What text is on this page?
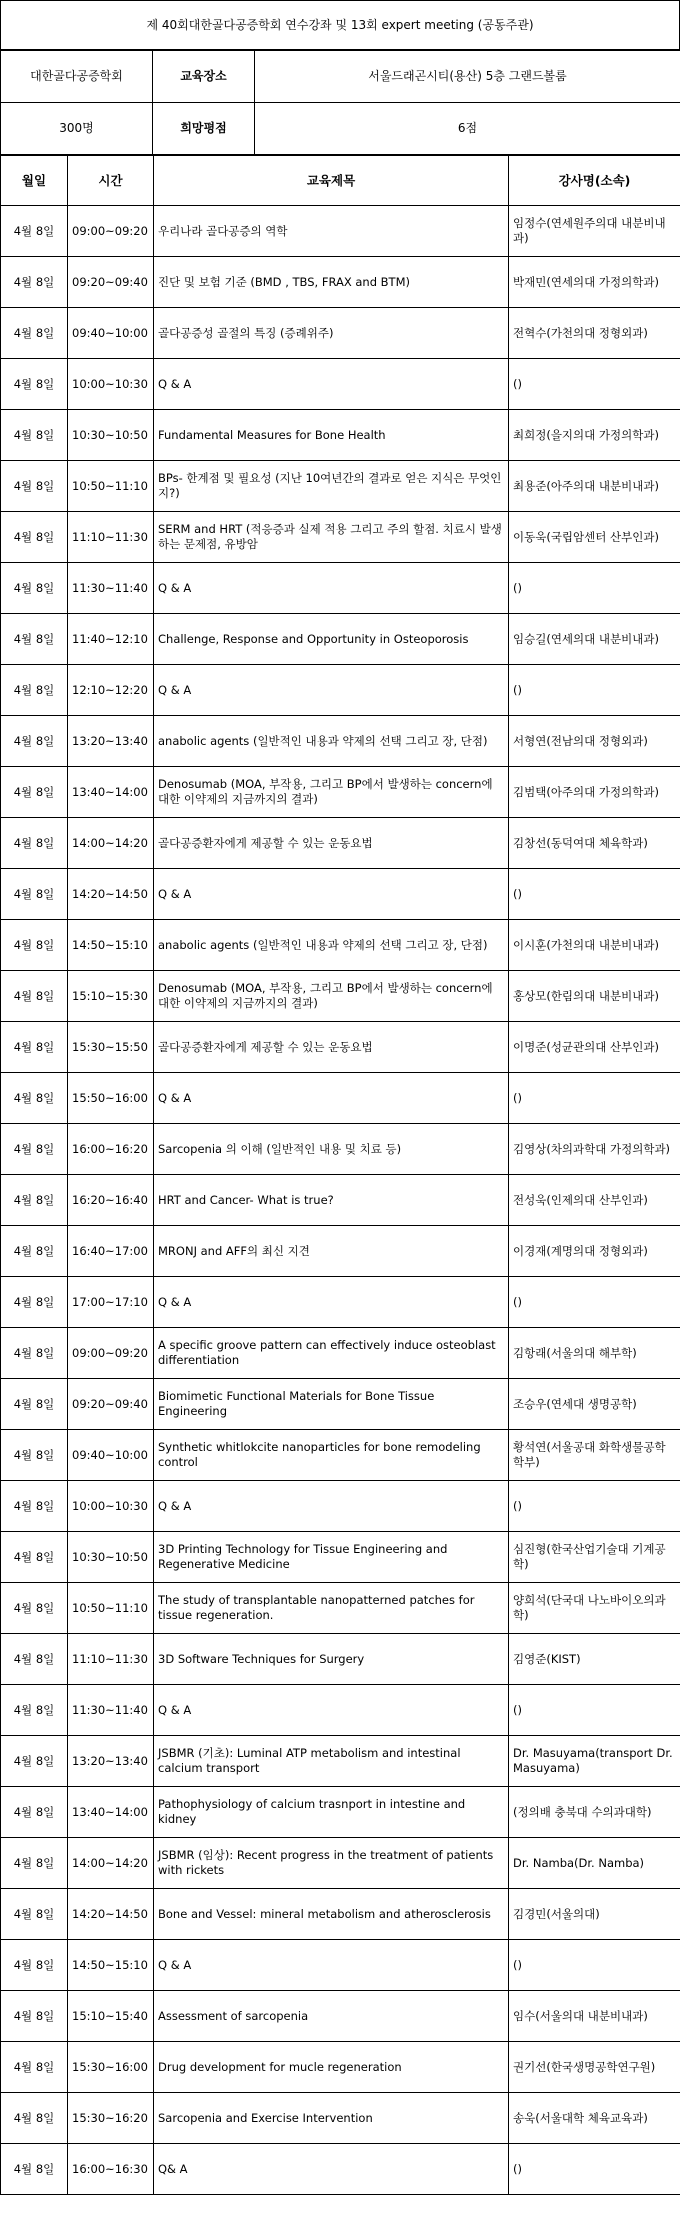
제 40회대한골다공증학회 연수강좌 및 13회 expert meeting (공동주관)
대한골다공증학회	교육장소	서울드래곤시티(용산) 5층 그랜드볼룸
300명	희망평점	6점
월일	시간	교육제목	강사명(소속)
4월 8일	09:00~09:20	우리나라 골다공증의 역학	임정수(연세원주의대 내분비내과)
4월 8일	09:20~09:40	진단 및 보험 기준 (BMD , TBS, FRAX and BTM)	박재민(연세의대 가정의학과)
4월 8일	09:40~10:00	골다공증성 골절의 특징 (증례위주)	전혁수(가천의대 정형외과)
4월 8일	10:00~10:30	Q & A	()
4월 8일	10:30~10:50	Fundamental Measures for Bone Health	최희정(을지의대 가정의학과)
4월 8일	10:50~11:10	BPs- 한계점 및 필요성 (지난 10여년간의 결과로 얻은 지식은 무엇인지?)	최용준(아주의대 내분비내과)
4월 8일	11:10~11:30	SERM and HRT (적응증과 실제 적용 그리고 주의 할점. 치료시 발생하는 문제점, 유방암	이동욱(국립암센터 산부인과)
4월 8일	11:30~11:40	Q & A	()
4월 8일	11:40~12:10	Challenge, Response and Opportunity in Osteoporosis	임승길(연세의대 내분비내과)
4월 8일	12:10~12:20	Q & A	()
4월 8일	13:20~13:40	anabolic agents (일반적인 내용과 약제의 선택 그리고 장, 단점)	서형연(전남의대 정형외과)
4월 8일	13:40~14:00	Denosumab (MOA, 부작용, 그리고 BP에서 발생하는 concern에 대한 이약제의 지금까지의 결과)	김범택(아주의대 가정의학과)
4월 8일	14:00~14:20	골다공증환자에게 제공할 수 있는 운동요법	김창선(동덕여대 체육학과)
4월 8일	14:20~14:50	Q & A	()
4월 8일	14:50~15:10	anabolic agents (일반적인 내용과 약제의 선택 그리고 장, 단점)	이시훈(가천의대 내분비내과)
4월 8일	15:10~15:30	Denosumab (MOA, 부작용, 그리고 BP에서 발생하는 concern에 대한 이약제의 지금까지의 결과)	홍상모(한림의대 내분비내과)
4월 8일	15:30~15:50	골다공증환자에게 제공할 수 있는 운동요법	이명준(성균관의대 산부인과)
4월 8일	15:50~16:00	Q & A	()
4월 8일	16:00~16:20	Sarcopenia 의 이해 (일반적인 내용 및 치료 등)	김영상(차의과학대 가정의학과)
4월 8일	16:20~16:40	HRT and Cancer- What is true?	전성욱(인제의대 산부인과)
4월 8일	16:40~17:00	MRONJ and AFF의 최신 지견	이경재(계명의대 정형외과)
4월 8일	17:00~17:10	Q & A	()
4월 8일	09:00~09:20	A specific groove pattern can effectively induce osteoblast differentiation	김항래(서울의대 해부학)
4월 8일	09:20~09:40	Biomimetic Functional Materials for Bone Tissue Engineering	조승우(연세대 생명공학)
4월 8일	09:40~10:00	Synthetic whitlokcite nanoparticles for bone remodeling control	황석연(서울공대 화학생물공학 학부)
4월 8일	10:00~10:30	Q & A	()
4월 8일	10:30~10:50	3D Printing Technology for Tissue Engineering and Regenerative Medicine	심진형(한국산업기술대 기계공학)
4월 8일	10:50~11:10	The study of transplantable nanopatterned patches for tissue regeneration.	양희석(단국대 나노바이오의과학)
4월 8일	11:10~11:30	3D Software Techniques for Surgery	김영준(KIST)
4월 8일	11:30~11:40	Q & A	()
4월 8일	13:20~13:40	JSBMR (기초): Luminal ATP metabolism and intestinal calcium transport	Dr. Masuyama(transport Dr. Masuyama)
4월 8일	13:40~14:00	Pathophysiology of calcium trasnport in intestine and kidney	(정의배 충북대 수의과대학)
4월 8일	14:00~14:20	JSBMR (임상): Recent progress in the treatment of patients with rickets	Dr. Namba(Dr. Namba)
4월 8일	14:20~14:50	Bone and Vessel: mineral metabolism and atherosclerosis	김경민(서울의대)
4월 8일	14:50~15:10	Q & A	()
4월 8일	15:10~15:40	Assessment of sarcopenia	임수(서울의대 내분비내과)
4월 8일	15:30~16:00	Drug development for mucle regeneration	권기선(한국생명공학연구원)
4월 8일	15:30~16:20	Sarcopenia and Exercise Intervention	송욱(서울대학 체육교육과)
4월 8일	16:00~16:30	Q& A	()
